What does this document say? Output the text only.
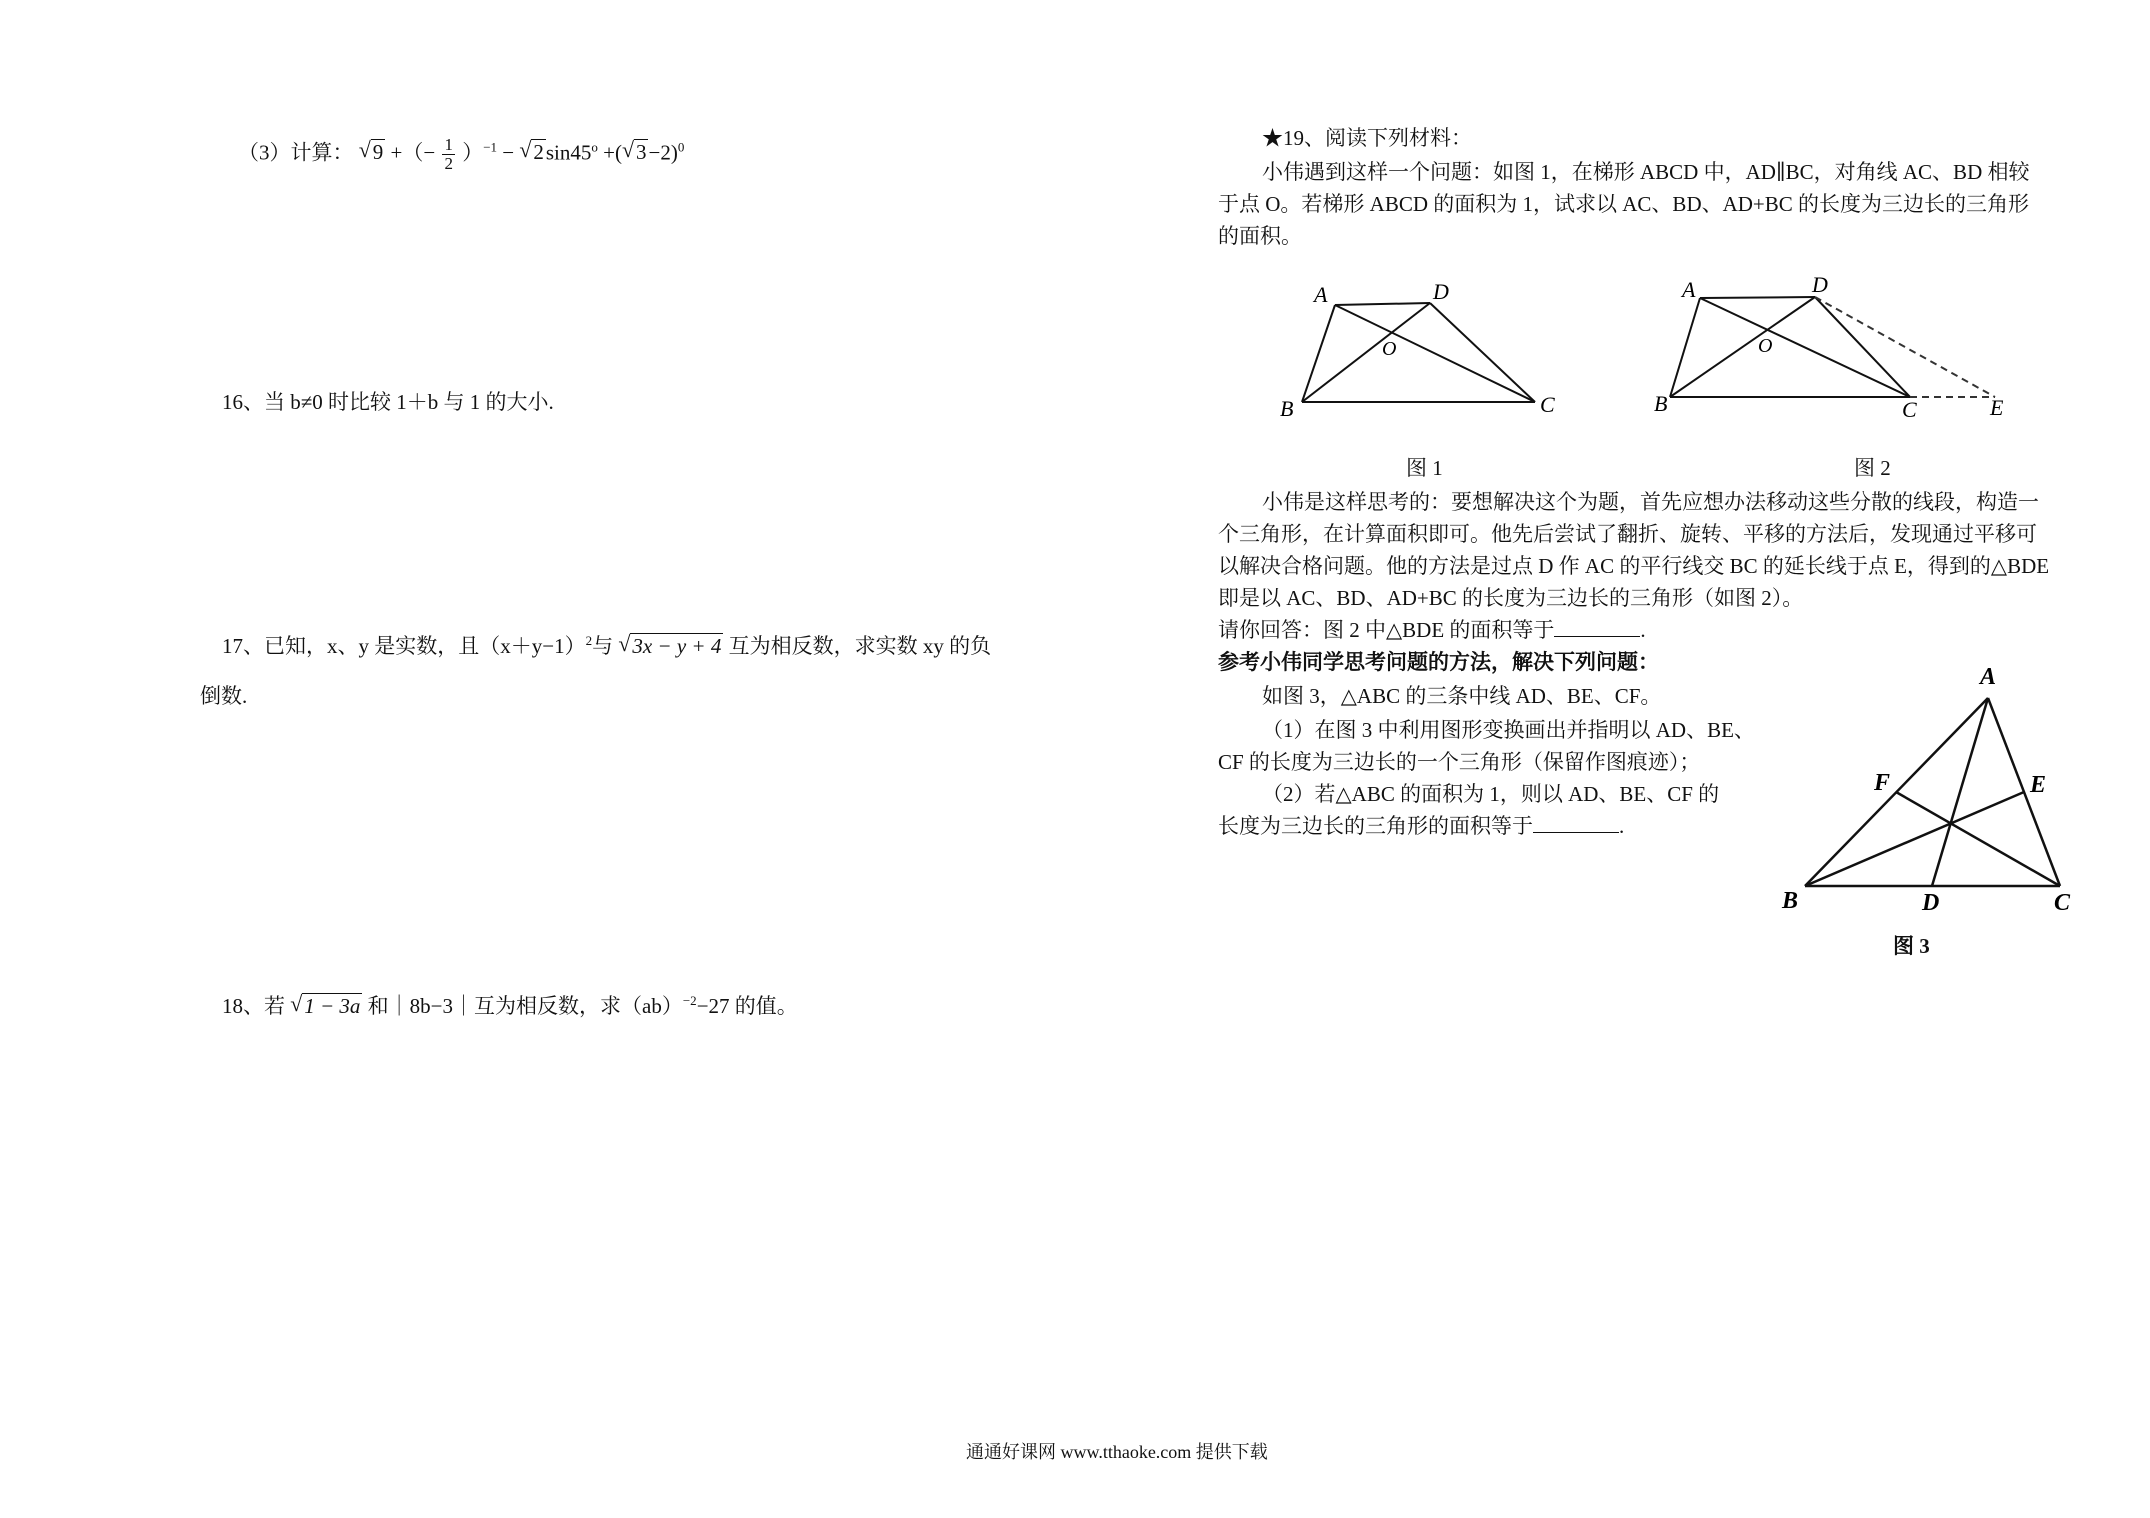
（3）计算： √ 9 +（− $\frac{1}{2} )^{-1}$ − √ $2\sin 45^o$ +( √ 3−2)$^0$
16、当 b≠0 时比较 1＋b 与 1 的大小.
17、已知，x、y 是实数，且$(x+y-1)^2$与 √ 3x − y + 4 互为相反数，求实数 xy 的负
倒数.
18、若 √ 1 − 3a 和｜8b−3｜互为相反数，求（ab）$^{-2}$−27 的值。
★19、阅读下列材料：
小伟遇到这样一个问题：如图 1，在梯形 ABCD 中，AD∥BC，对角线 AC、BD 相较
于点 O。若梯形 ABCD 的面积为 1，试求以 AC、BD、AD+BC 的长度为三边长的三角形
的面积。
A	D
O
B	C
图 1
A	D
O
B	C	E
图 2
小伟是这样思考的：要想解决这个为题，首先应想办法移动这些分散的线段，构造一
个三角形，在计算面积即可。他先后尝试了翻折、旋转、平移的方法后，发现通过平移可
以解决合格问题。他的方法是过点 D 作 AC 的平行线交 BC 的延长线于点 E，得到的△BDE
即是以 AC、BD、AD+BC 的长度为三边长的三角形（如图 2）。
请你回答：图 2 中△BDE 的面积等于	.
参考小伟同学思考问题的方法，解决下列问题：
如图 3，△ABC 的三条中线 AD、BE、CF。
（1）在图 3 中利用图形变换画出并指明以 AD、BE、
CF 的长度为三边长的一个三角形（保留作图痕迹）；
（2）若△ABC 的面积为 1，则以 AD、BE、CF 的
长度为三边长的三角形的面积等于	.
A
F	E
B	D	C
图 3
通通好课网 www.tthaoke.com 提供下载
